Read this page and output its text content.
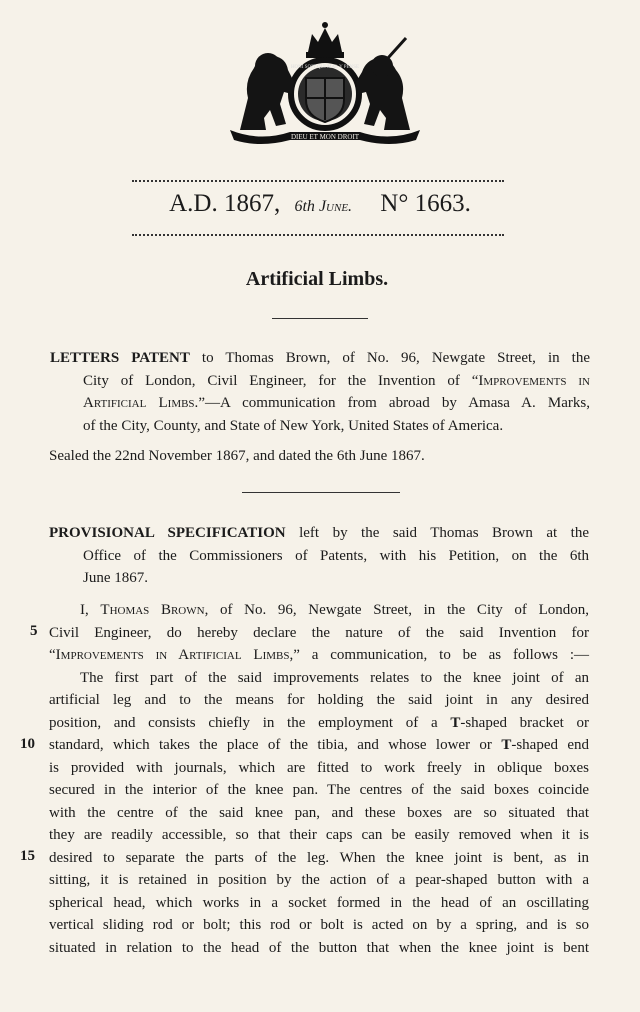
DIEU ET MON DROIT
HONI SOIT QUI MAL Y PENSE
A.D. 1867, 6th June. N° 1663.
Artificial Limbs.
LETTERS PATENT to Thomas Brown, of No. 96, Newgate Street, in the
City of London, Civil Engineer, for the Invention of “Improvements in
Artificial Limbs.”—A communication from abroad by Amasa A. Marks,
of the City, County, and State of New York, United States of America.
Sealed the 22nd November 1867, and dated the 6th June 1867.
PROVISIONAL SPECIFICATION left by the said Thomas Brown at the
Office of the Commissioners of Patents, with his Petition, on the 6th
June 1867.
I, Thomas Brown, of No. 96, Newgate Street, in the City of London,
Civil Engineer, do hereby declare the nature of the said Invention for
“Improvements in Artificial Limbs,” a communication, to be as follows :—
The first part of the said improvements relates to the knee joint of an
artificial leg and to the means for holding the said joint in any desired
position, and consists chiefly in the employment of a T-shaped bracket or
standard, which takes the place of the tibia, and whose lower or T-shaped end
is provided with journals, which are fitted to work freely in oblique boxes
secured in the interior of the knee pan. The centres of the said boxes coincide
with the centre of the said knee pan, and these boxes are so situated that
they are readily accessible, so that their caps can be easily removed when it is
desired to separate the parts of the leg. When the knee joint is bent, as in
sitting, it is retained in position by the action of a pear-shaped button with a
spherical head, which works in a socket formed in the head of an oscillating
vertical sliding rod or bolt; this rod or bolt is acted on by a spring, and is so
situated in relation to the head of the button that when the knee joint is bent
5
10
15
